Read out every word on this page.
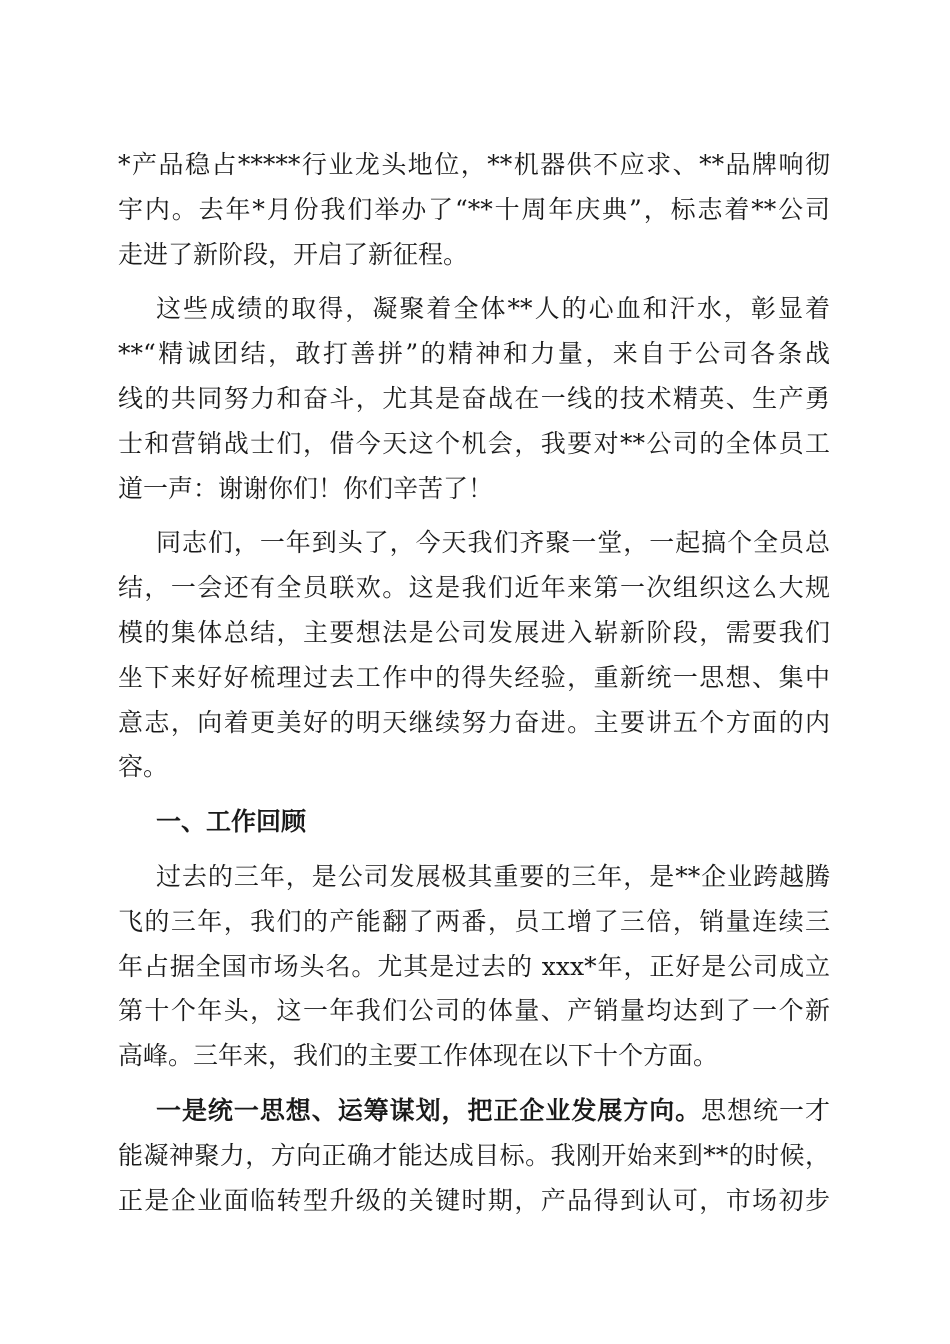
*产品稳占*****行业龙头地位，**机器供不应求、**品牌响彻
宇内。去年*月份我们举办了“**十周年庆典”，标志着**公司
走进了新阶段，开启了新征程。
这些成绩的取得，凝聚着全体**人的心血和汗水，彰显着
**“精诚团结，敢打善拼”的精神和力量，来自于公司各条战
线的共同努力和奋斗，尤其是奋战在一线的技术精英、生产勇
士和营销战士们，借今天这个机会，我要对**公司的全体员工
道一声：谢谢你们！你们辛苦了！
同志们，一年到头了，今天我们齐聚一堂，一起搞个全员总
结，一会还有全员联欢。这是我们近年来第一次组织这么大规
模的集体总结，主要想法是公司发展进入崭新阶段，需要我们
坐下来好好梳理过去工作中的得失经验，重新统一思想、集中
意志，向着更美好的明天继续努力奋进。主要讲五个方面的内
容。
一、工作回顾
过去的三年，是公司发展极其重要的三年，是**企业跨越腾
飞的三年，我们的产能翻了两番，员工增了三倍，销量连续三
年占据全国市场头名。尤其是过去的 xxx*年，正好是公司成立
第十个年头，这一年我们公司的体量、产销量均达到了一个新
高峰。三年来，我们的主要工作体现在以下十个方面。
一是统一思想、运筹谋划，把正企业发展方向。思想统一才
能凝神聚力，方向正确才能达成目标。我刚开始来到**的时候，
正是企业面临转型升级的关键时期，产品得到认可，市场初步
